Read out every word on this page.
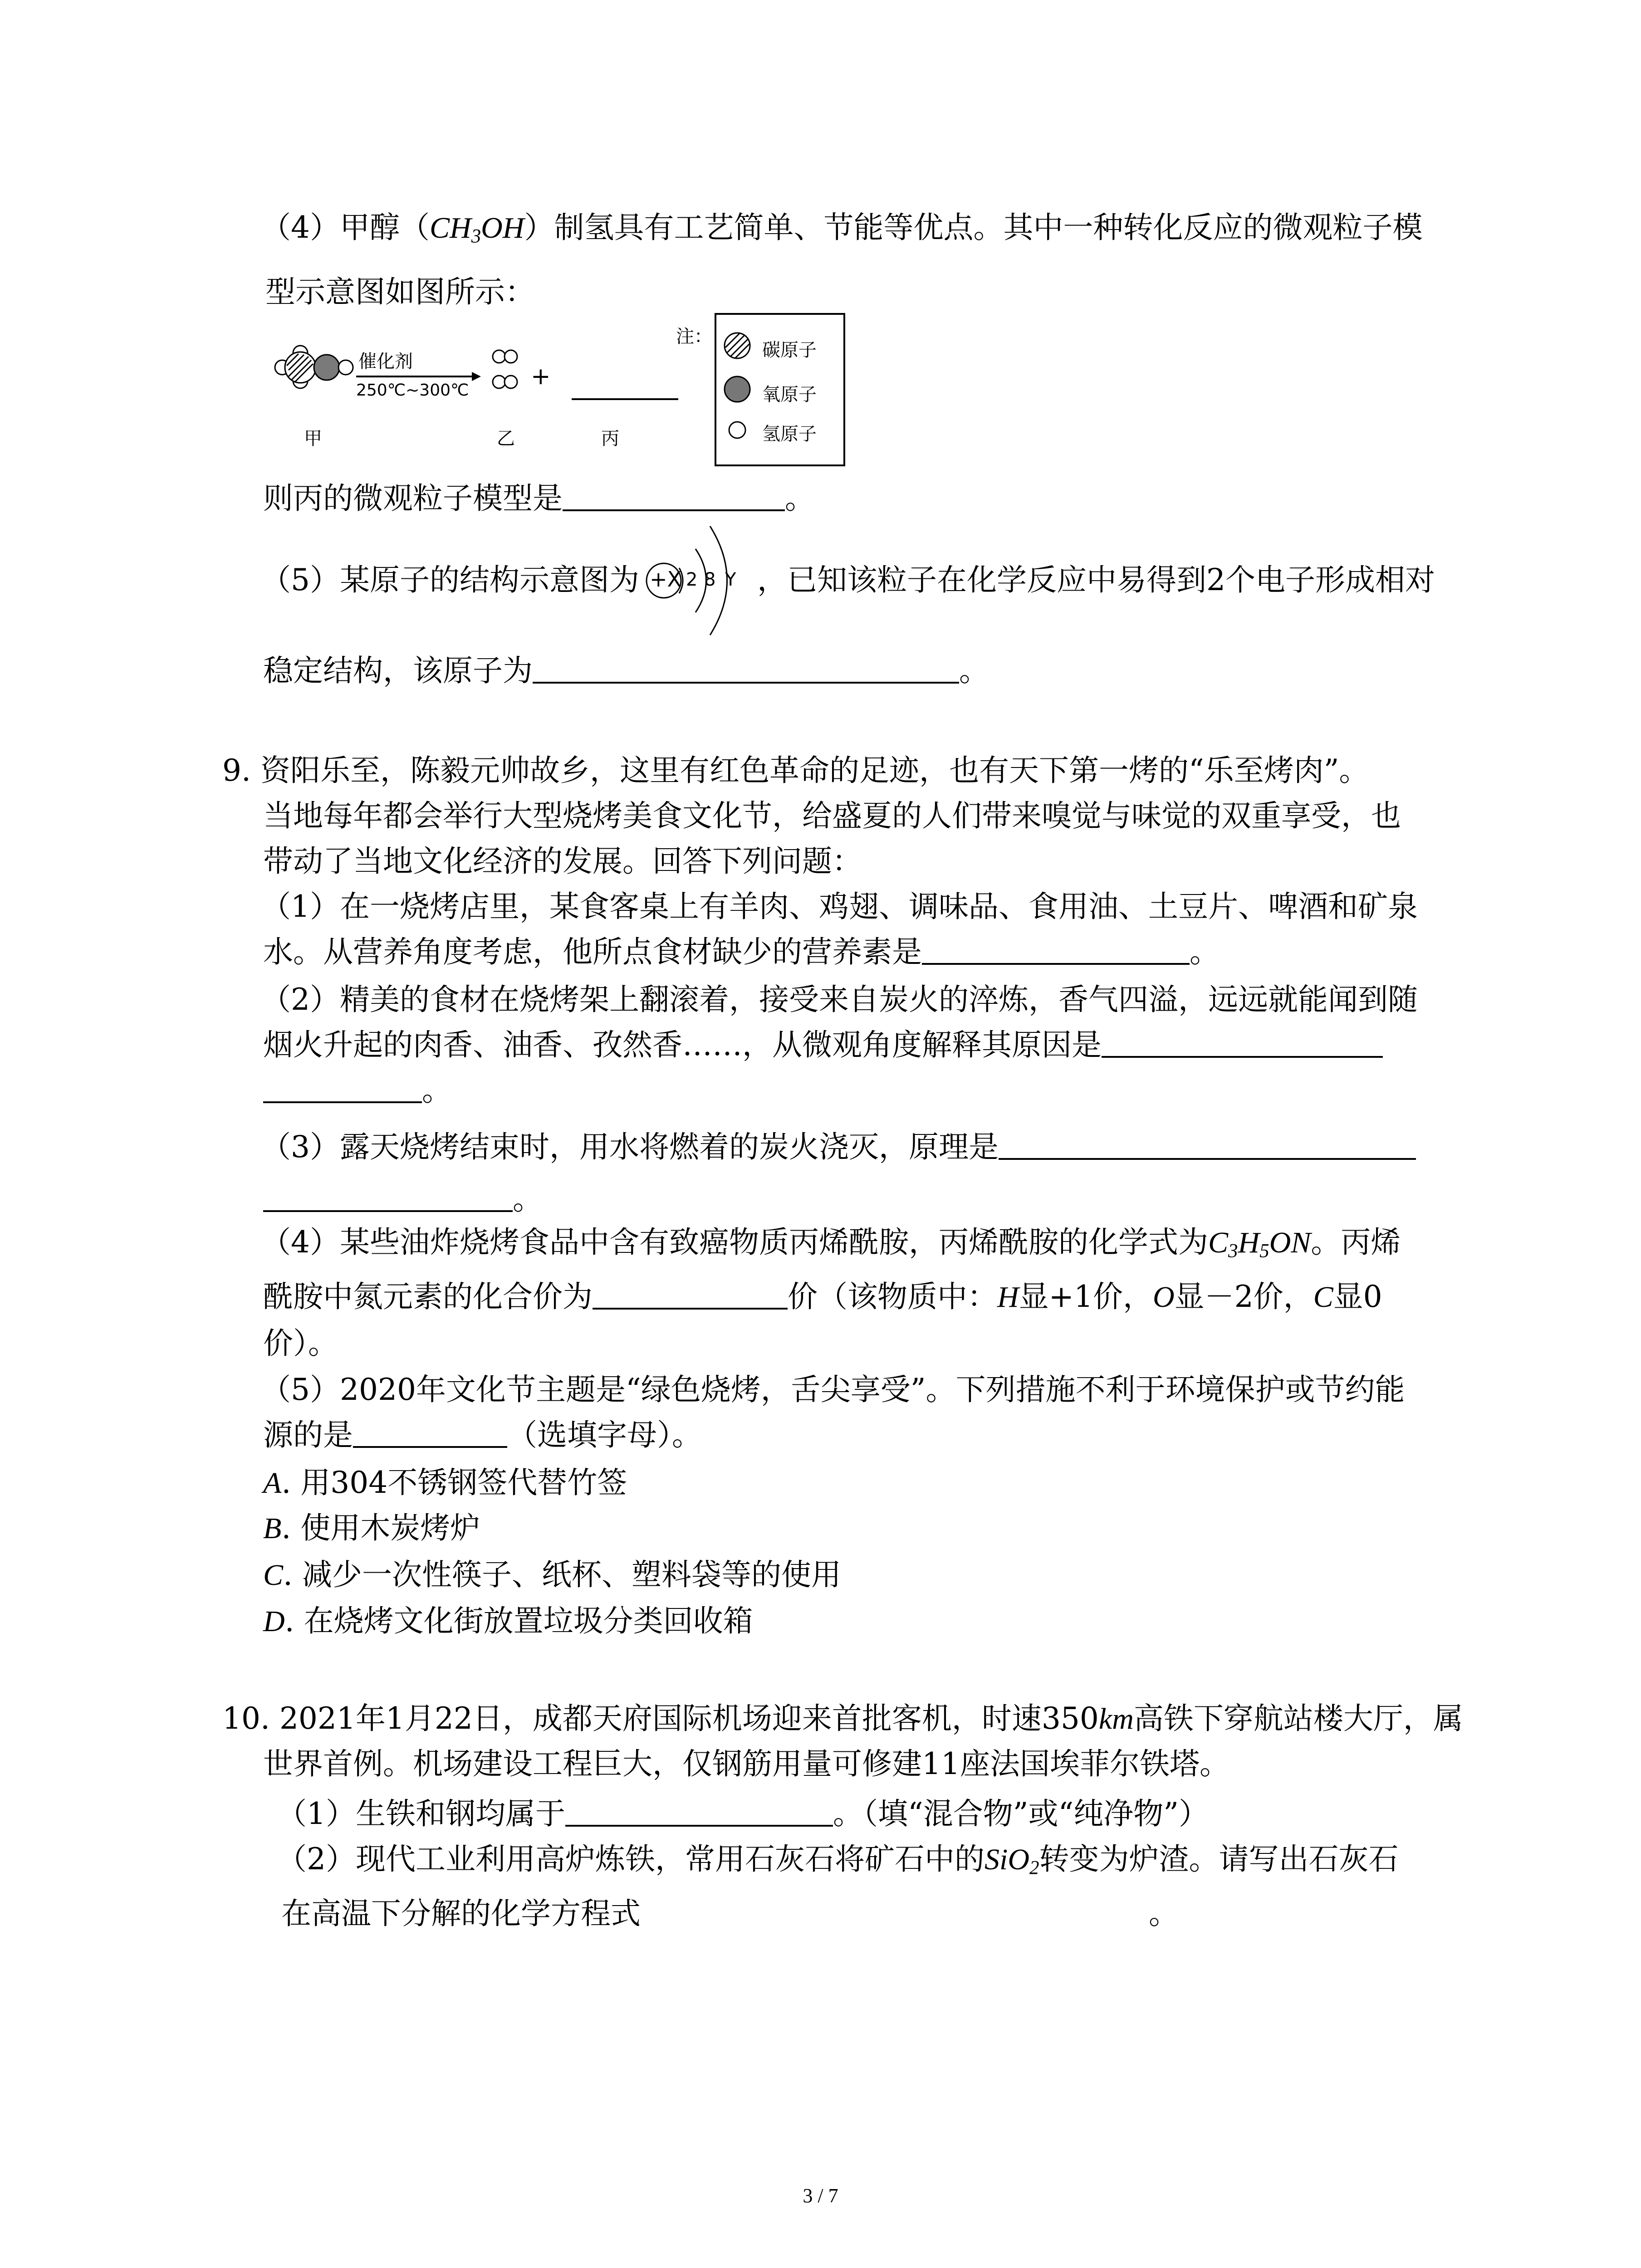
（4）甲醇$(CH_3OH)$制氢具有工艺简单、节能等优点。其中一种转化反应的微观粒子模
型示意图如图所示：
催化剂
250℃~300℃
+
甲	乙	丙
注：
碳原子
氧原子
氢原子
则丙的微观粒子模型是	。
（5）某原子的结构示意图为	，已知该粒子在化学反应中易得到2个电子形成相对
+X 2 8 Y
稳定结构，该原子为	。
9. 资阳乐至，陈毅元帅故乡，这里有红色革命的足迹，也有天下第一烤的“乐至烤肉”。
当地每年都会举行大型烧烤美食文化节，给盛夏的人们带来嗅觉与味觉的双重享受，也
带动了当地文化经济的发展。回答下列问题：
（1）在一烧烤店里，某食客桌上有羊肉、鸡翅、调味品、食用油、土豆片、啤酒和矿泉
水。从营养角度考虑，他所点食材缺少的营养素是	。
（2）精美的食材在烧烤架上翻滚着，接受来自炭火的淬炼，香气四溢，远远就能闻到随
烟火升起的肉香、油香、孜然香……，从微观角度解释其原因是
。
（3）露天烧烤结束时，用水将燃着的炭火浇灭，原理是
。
（4）某些油炸烧烤食品中含有致癌物质丙烯酰胺，丙烯酰胺的化学式为$C_3H_5ON$。丙烯
酰胺中氮元素的化合价为	价（该物质中：H显+1价，O显－2价，C显0
价）。
（5）2020年文化节主题是“绿色烧烤，舌尖享受”。下列措施不利于环境保护或节约能
源的是	（选填字母）。
A. 用304不锈钢签代替竹签
B. 使用木炭烤炉
C. 减少一次性筷子、纸杯、塑料袋等的使用
D. 在烧烤文化街放置垃圾分类回收箱
10. 2021年1月22日，成都天府国际机场迎来首批客机，时速350km高铁下穿航站楼大厅，属
世界首例。机场建设工程巨大，仅钢筋用量可修建11座法国埃菲尔铁塔。
（1）生铁和钢均属于	。（填“混合物”或“纯净物”）
（2）现代工业利用高炉炼铁，常用石灰石将矿石中的SiO$_2$转变为炉渣。请写出石灰石
在高温下分解的化学方程式	。
3 / 7
